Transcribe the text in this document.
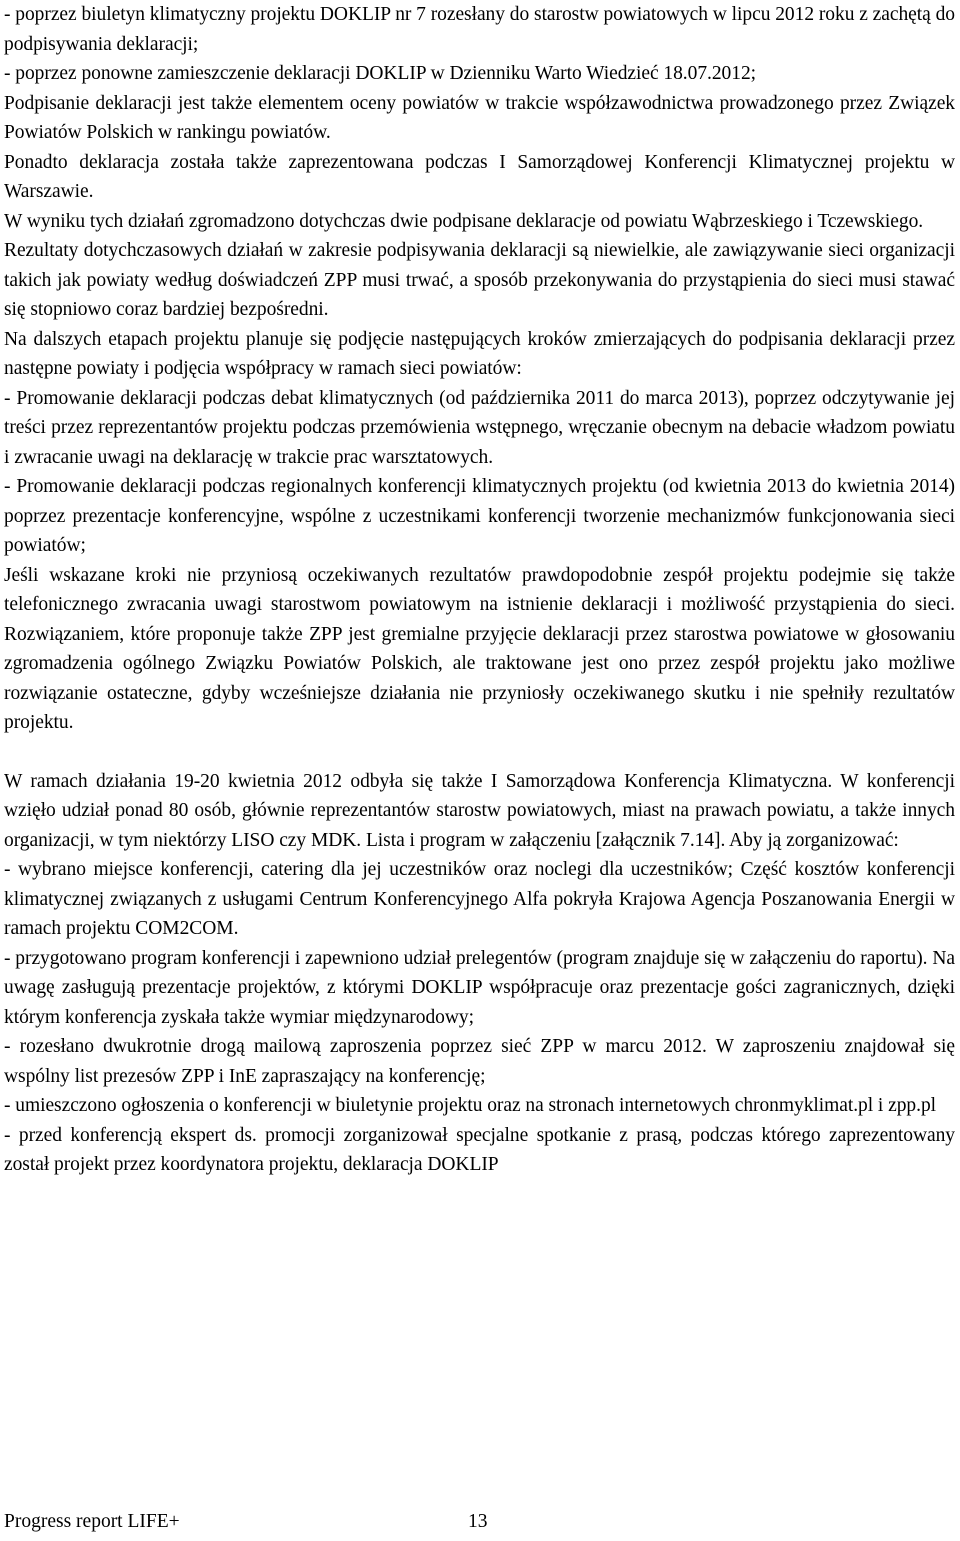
- poprzez biuletyn klimatyczny projektu DOKLIP nr 7 rozesłany do starostw powiatowych w lipcu 2012 roku z zachętą do podpisywania deklaracji;

- poprzez ponowne zamieszczenie deklaracji DOKLIP w Dzienniku Warto Wiedzieć 18.07.2012;

Podpisanie deklaracji jest także elementem oceny powiatów w trakcie współzawodnictwa prowadzonego przez Związek Powiatów Polskich w rankingu powiatów.

Ponadto deklaracja została także zaprezentowana podczas I Samorządowej Konferencji Klimatycznej projektu w Warszawie.

W wyniku tych działań zgromadzono dotychczas dwie podpisane deklaracje od powiatu Wąbrzeskiego i Tczewskiego.

Rezultaty dotychczasowych działań w zakresie podpisywania deklaracji są niewielkie, ale zawiązywanie sieci organizacji takich jak powiaty według doświadczeń ZPP musi trwać, a sposób przekonywania do przystąpienia do sieci musi stawać się stopniowo coraz bardziej bezpośredni.

Na dalszych etapach projektu planuje się podjęcie następujących kroków zmierzających do podpisania deklaracji przez następne powiaty i podjęcia współpracy w ramach sieci powiatów:

- Promowanie deklaracji podczas debat klimatycznych (od października 2011 do marca 2013), poprzez odczytywanie jej treści przez reprezentantów projektu podczas przemówienia wstępnego, wręczanie obecnym na debacie władzom powiatu i zwracanie uwagi na deklarację w trakcie prac warsztatowych.

- Promowanie deklaracji podczas regionalnych konferencji klimatycznych projektu (od kwietnia 2013 do kwietnia 2014) poprzez prezentacje konferencyjne, wspólne z uczestnikami konferencji tworzenie mechanizmów funkcjonowania sieci powiatów;

Jeśli wskazane kroki nie przyniosą oczekiwanych rezultatów prawdopodobnie zespół projektu podejmie się także telefonicznego zwracania uwagi starostwom powiatowym na istnienie deklaracji i możliwość przystąpienia do sieci. Rozwiązaniem, które proponuje także ZPP jest gremialne przyjęcie deklaracji przez starostwa powiatowe w głosowaniu zgromadzenia ogólnego Związku Powiatów Polskich, ale traktowane jest ono przez zespół projektu jako możliwe rozwiązanie ostateczne, gdyby wcześniejsze działania nie przyniosły oczekiwanego skutku i nie spełniły rezultatów projektu.

W ramach działania 19-20 kwietnia 2012 odbyła się także I Samorządowa Konferencja Klimatyczna. W konferencji wzięło udział ponad 80 osób, głównie reprezentantów starostw powiatowych, miast na prawach powiatu, a także innych organizacji, w tym niektórzy LISO czy MDK. Lista i program w załączeniu [załącznik 7.14]. Aby ją zorganizować:

- wybrano miejsce konferencji, catering dla jej uczestników oraz noclegi dla uczestników; Część kosztów konferencji klimatycznej związanych z usługami Centrum Konferencyjnego Alfa pokryła Krajowa Agencja Poszanowania Energii w ramach projektu COM2COM.

- przygotowano program konferencji i zapewniono udział prelegentów (program znajduje się w załączeniu do raportu). Na uwagę zasługują prezentacje projektów, z którymi DOKLIP współpracuje oraz prezentacje gości zagranicznych, dzięki którym konferencja zyskała także wymiar międzynarodowy;

- rozesłano dwukrotnie drogą mailową zaproszenia poprzez sieć ZPP w marcu 2012. W zaproszeniu znajdował się wspólny list prezesów ZPP i InE zapraszający na konferencję;

- umieszczono ogłoszenia o konferencji w biuletynie projektu oraz na stronach internetowych chronmyklimat.pl i zpp.pl

- przed konferencją ekspert ds. promocji zorganizował specjalne spotkanie z prasą, podczas którego zaprezentowany został projekt przez koordynatora projektu, deklaracja DOKLIP

Progress report LIFE+	13
